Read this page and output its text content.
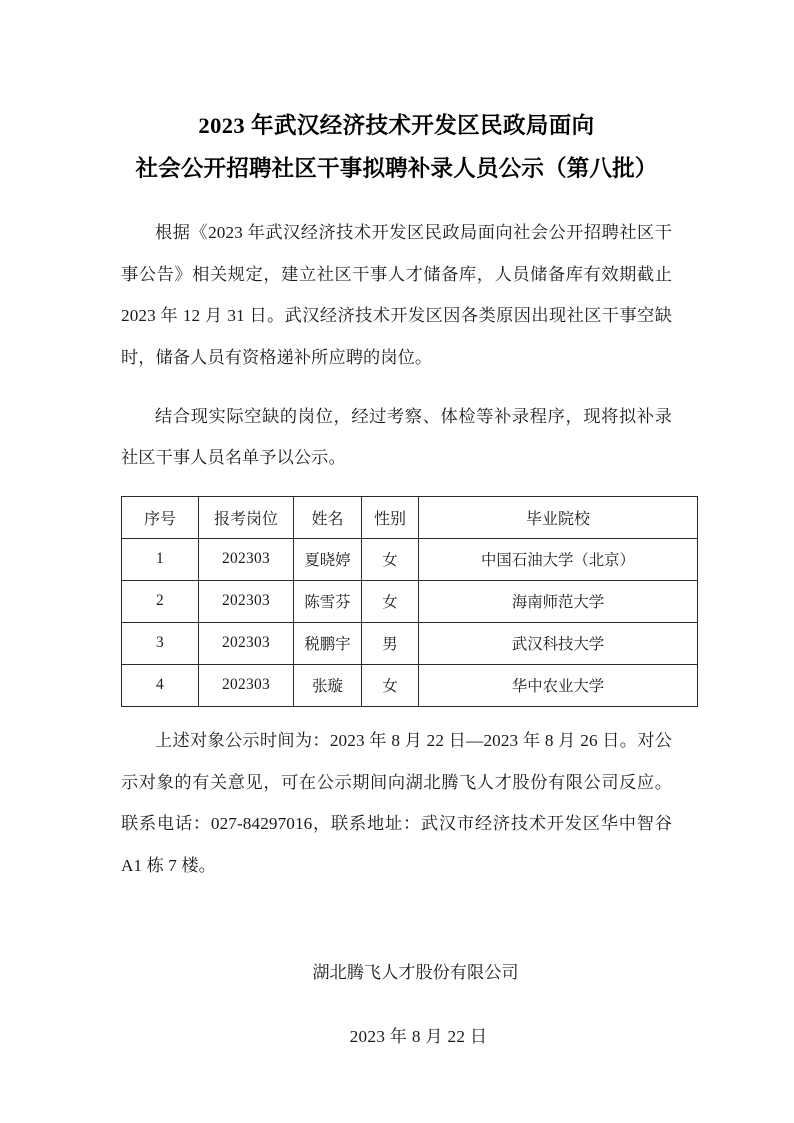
2023 年武汉经济技术开发区民政局面向
社会公开招聘社区干事拟聘补录人员公示（第八批）

根据《2023 年武汉经济技术开发区民政局面向社会公开招聘社区干事公告》相关规定，建立社区干事人才储备库，人员储备库有效期截止 2023 年 12 月 31 日。武汉经济技术开发区因各类原因出现社区干事空缺时，储备人员有资格递补所应聘的岗位。

结合现实际空缺的岗位，经过考察、体检等补录程序，现将拟补录社区干事人员名单予以公示。

序号	报考岗位	姓名	性别	毕业院校
1	202303	夏晓婷	女	中国石油大学（北京）
2	202303	陈雪芬	女	海南师范大学
3	202303	税鹏宇	男	武汉科技大学
4	202303	张璇	女	华中农业大学

上述对象公示时间为：2023 年 8 月 22 日—2023 年 8 月 26 日。对公示对象的有关意见，可在公示期间向湖北腾飞人才股份有限公司反应。联系电话：027-84297016，联系地址：武汉市经济技术开发区华中智谷 A1 栋 7 楼。

湖北腾飞人才股份有限公司
2023 年 8 月 22 日
